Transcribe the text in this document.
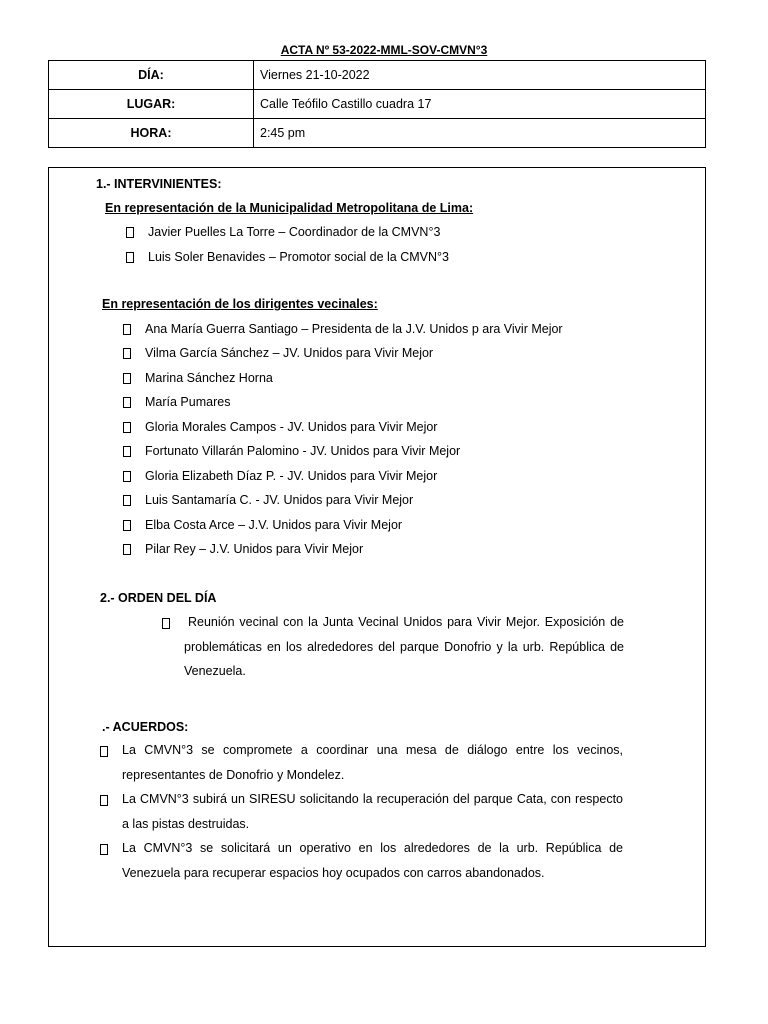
ACTA Nº 53-2022-MML-SOV-CMVN°3
DÍA:	Viernes 21-10-2022
LUGAR:	Calle Teófilo Castillo cuadra 17
HORA:	2:45 pm
1.- INTERVINIENTES:
En representación de la Municipalidad Metropolitana de Lima:
Javier Puelles La Torre – Coordinador de la CMVN°3
Luis Soler Benavides – Promotor social de la CMVN°3
En representación de los dirigentes vecinales:
Ana María Guerra Santiago – Presidenta de la J.V. Unidos p ara Vivir Mejor
Vilma García Sánchez – JV. Unidos para Vivir Mejor
Marina Sánchez Horna
María Pumares
Gloria Morales Campos - JV. Unidos para Vivir Mejor
Fortunato Villarán Palomino - JV. Unidos para Vivir Mejor
Gloria Elizabeth Díaz P. - JV. Unidos para Vivir Mejor
Luis Santamaría C. - JV. Unidos para Vivir Mejor
Elba Costa Arce – J.V. Unidos para Vivir Mejor
Pilar Rey – J.V. Unidos para Vivir Mejor
2.- ORDEN DEL DÍA
Reunión vecinal con la Junta Vecinal Unidos para Vivir Mejor. Exposición de problemáticas en los alrededores del parque Donofrio y la urb. República de Venezuela.
.- ACUERDOS:
La CMVN°3 se compromete a coordinar una mesa de diálogo entre los vecinos, representantes de Donofrio y Mondelez.
La CMVN°3 subirá un SIRESU solicitando la recuperación del parque Cata, con respecto a las pistas destruidas.
La CMVN°3 se solicitará un operativo en los alrededores de la urb. República de Venezuela para recuperar espacios hoy ocupados con carros abandonados.
